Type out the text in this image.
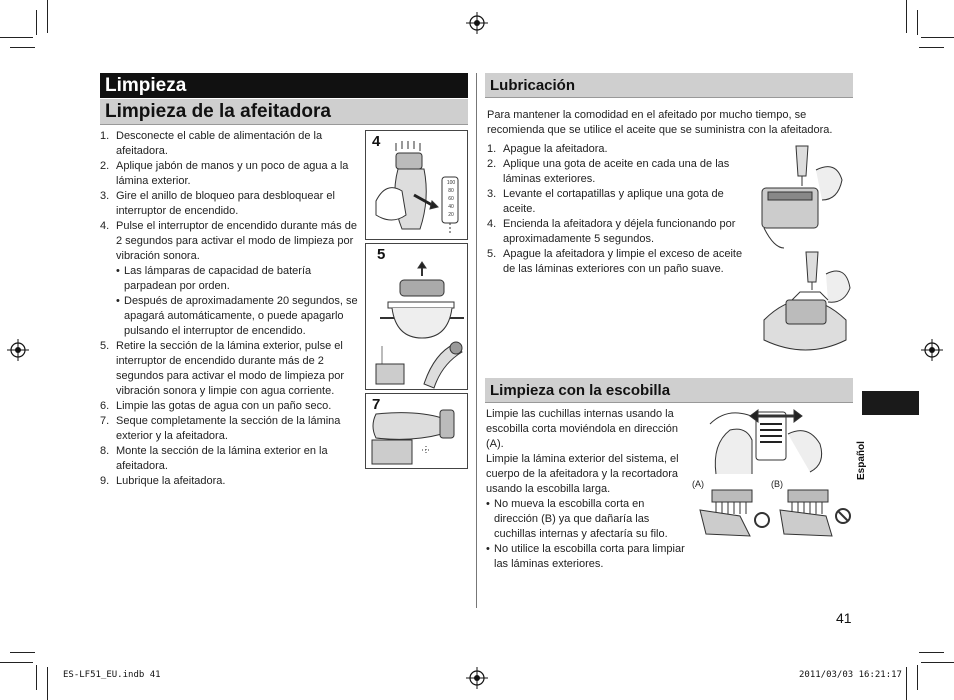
Limpieza
Limpieza de la afeitadora
1. Desconecte el cable de alimentación de la afeitadora.
2. Aplique jabón de manos y un poco de agua a la lámina exterior.
3. Gire el anillo de bloqueo para desbloquear el interruptor de encendido.
4. Pulse el interruptor de encendido durante más de 2 segundos para activar el modo de limpieza por vibración sonora.
• Las lámparas de capacidad de batería parpadean por orden.
• Después de aproximadamente 20 segundos, se apagará automáticamente, o puede apagarlo pulsando el interruptor de encendido.
5. Retire la sección de la lámina exterior, pulse el interruptor de encendido durante más de 2 segundos para activar el modo de limpieza por vibración sonora y limpie con agua corriente.
6. Limpie las gotas de agua con un paño seco.
7. Seque completamente la sección de la lámina exterior y la afeitadora.
8. Monte la sección de la lámina exterior en la afeitadora.
9. Lubrique la afeitadora.
4
100
80
60
40
20
5
7
Lubricación

Para mantener la comodidad en el afeitado por mucho tiempo, se recomienda que se utilice el aceite que se suministra con la afeitadora.

1. Apague la afeitadora.
2. Aplique una gota de aceite en cada una de las láminas exteriores.
3. Levante el cortapatillas y aplique una gota de aceite.
4. Encienda la afeitadora y déjela funcionando por aproximadamente 5 segundos.
5. Apague la afeitadora y limpie el exceso de aceite de las láminas exteriores con un paño suave.
Limpieza con la escobilla

Limpie las cuchillas internas usando la escobilla corta moviéndola en dirección (A).

Limpie la lámina exterior del sistema, el cuerpo de la afeitadora y la recortadora usando la escobilla larga.

• No mueva la escobilla corta en dirección (B) ya que dañaría las cuchillas internas y afectaría su filo.
• No utilice la escobilla corta para limpiar las láminas exteriores.
(A)	(B)
Español
41
ES-LF51_EU.indb 41	2011/03/03 16:21:17
